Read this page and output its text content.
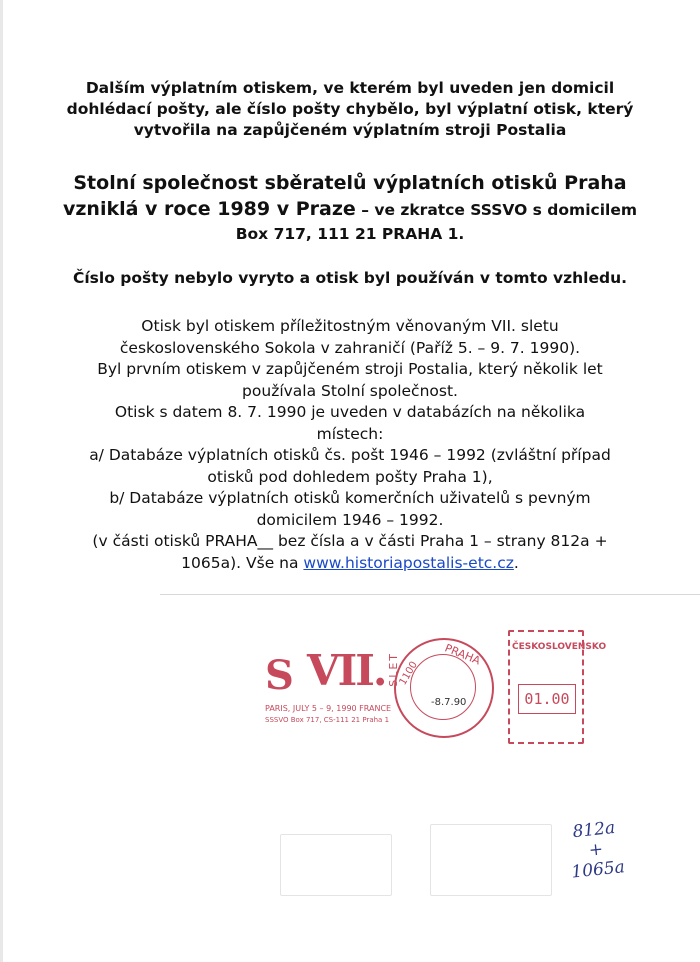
Dalším výplatním otiskem, ve kterém byl uveden jen domicil
dohlédací pošty, ale číslo pošty chybělo, byl výplatní otisk, který
vytvořila na zapůjčeném výplatním stroji Postalia
Stolní společnost sběratelů výplatních otisků Praha
vzniklá v roce 1989 v Praze – ve zkratce SSSVO s domicilem
Box 717, 111 21 PRAHA 1.
Číslo pošty nebylo vyryto a otisk byl používán v tomto vzhledu.
Otisk byl otiskem příležitostným věnovaným VII. sletu
československého Sokola v zahraničí (Paříž 5. – 9. 7. 1990).
Byl prvním otiskem v zapůjčeném stroji Postalia, který několik let
používala Stolní společnost.
Otisk s datem 8. 7. 1990 je uveden v databázích na několika
místech:
a/ Databáze výplatních otisků čs. pošt 1946 – 1992 (zvláštní případ
otisků pod dohledem pošty Praha 1),
b/ Databáze výplatních otisků komerčních uživatelů s pevným
domicilem 1946 – 1992.
(v části otisků PRAHA__ bez čísla a v části Praha 1 – strany 812a +
1065a). Vše na www.historiapostalis-etc.cz.
S VII. SLET
PARIS, JULY 5 – 9, 1990 FRANCE
SSSVO Box 717, CS-111 21 Praha 1
PRAHA
1100
-8.7.90
ČESKOSLOVENSKO
01.00
812a
+
1065a
